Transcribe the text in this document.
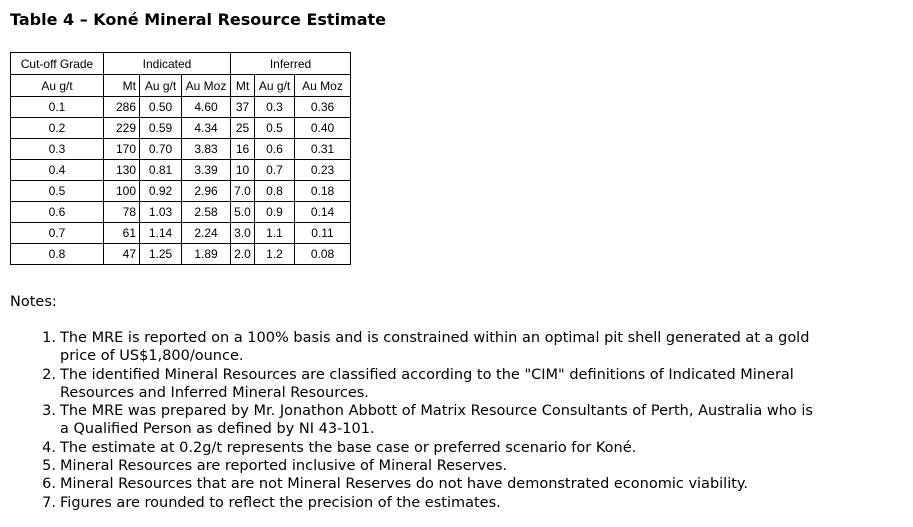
Table 4 – Koné Mineral Resource Estimate
Cut-off Grade	Indicated			Inferred		
Au g/t	Mt	Au g/t	Au Moz	Mt	Au g/t	Au Moz
0.1	286	0.50	4.60	37	0.3	0.36
0.2	229	0.59	4.34	25	0.5	0.40
0.3	170	0.70	3.83	16	0.6	0.31
0.4	130	0.81	3.39	10	0.7	0.23
0.5	100	0.92	2.96	7.0	0.8	0.18
0.6	78	1.03	2.58	5.0	0.9	0.14
0.7	61	1.14	2.24	3.0	1.1	0.11
0.8	47	1.25	1.89	2.0	1.2	0.08

Notes:

1. The MRE is reported on a 100% basis and is constrained within an optimal pit shell generated at a gold
price of US$1,800/ounce.
2. The identified Mineral Resources are classified according to the "CIM" definitions of Indicated Mineral
Resources and Inferred Mineral Resources.
3. The MRE was prepared by Mr. Jonathon Abbott of Matrix Resource Consultants of Perth, Australia who is
a Qualified Person as defined by NI 43-101.
4. The estimate at 0.2g/t represents the base case or preferred scenario for Koné.
5. Mineral Resources are reported inclusive of Mineral Reserves.
6. Mineral Resources that are not Mineral Reserves do not have demonstrated economic viability.
7. Figures are rounded to reflect the precision of the estimates.
